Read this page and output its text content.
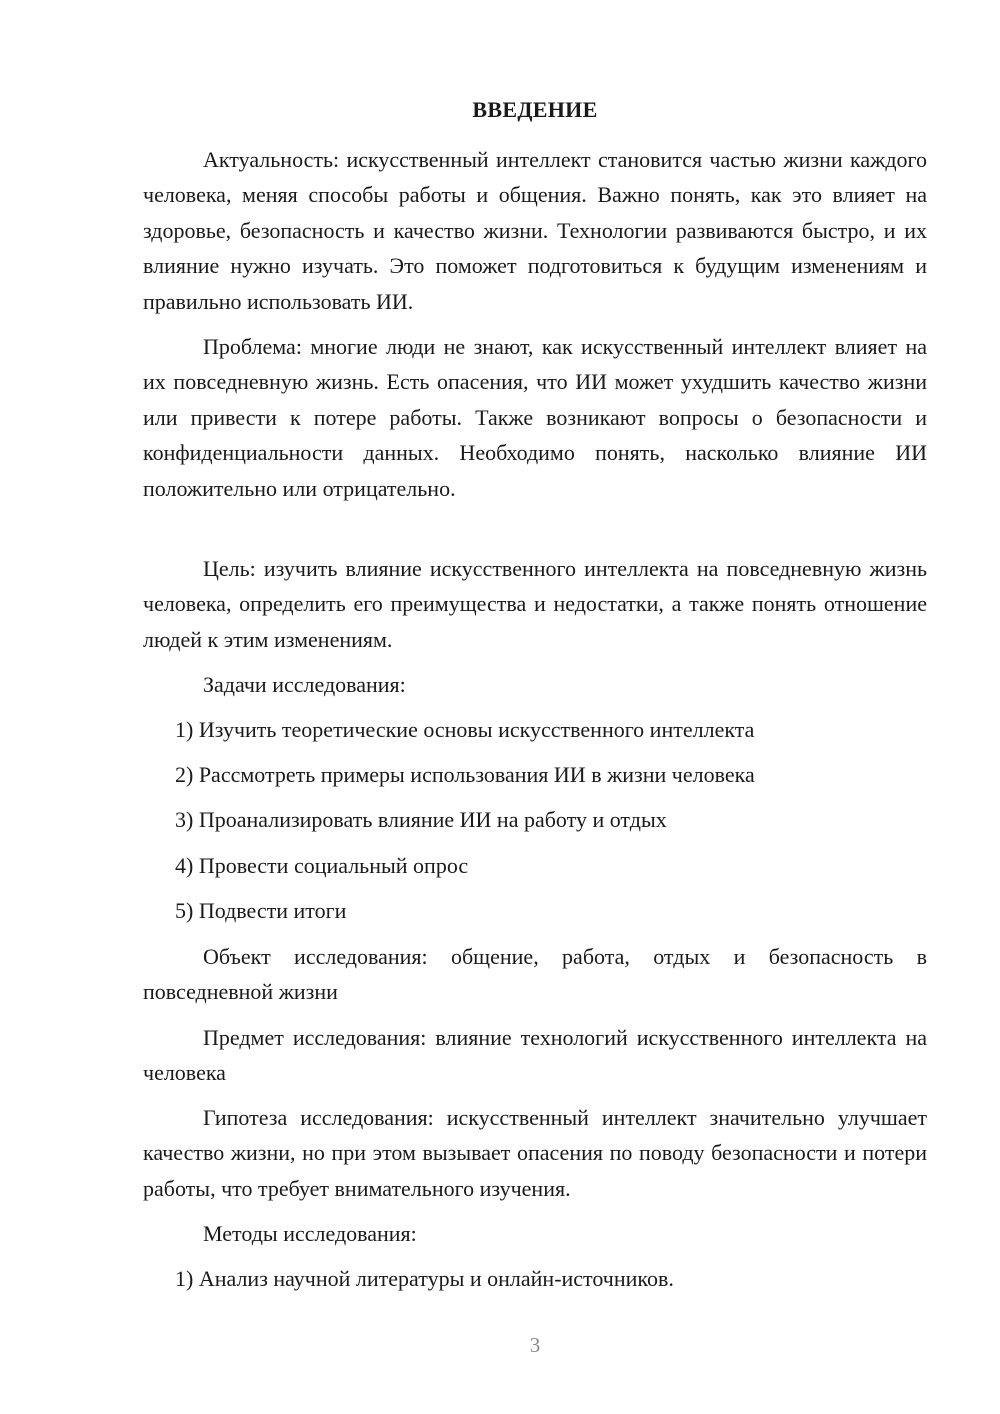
ВВЕДЕНИЕ

Актуальность: искусственный интеллект становится частью жизни каждого человека, меняя способы работы и общения. Важно понять, как это влияет на здоровье, безопасность и качество жизни. Технологии развиваются быстро, и их влияние нужно изучать. Это поможет подготовиться к будущим изменениям и правильно использовать ИИ.

Проблема: многие люди не знают, как искусственный интеллект влияет на их повседневную жизнь. Есть опасения, что ИИ может ухудшить качество жизни или привести к потере работы. Также возникают вопросы о безопасности и конфиденциальности данных. Необходимо понять, насколько влияние ИИ положительно или отрицательно.

Цель: изучить влияние искусственного интеллекта на повседневную жизнь человека, определить его преимущества и недостатки, а также понять отношение людей к этим изменениям.

Задачи исследования:

1) Изучить теоретические основы искусственного интеллекта

2) Рассмотреть примеры использования ИИ в жизни человека

3) Проанализировать влияние ИИ на работу и отдых

4) Провести социальный опрос

5) Подвести итоги

Объект исследования: общение, работа, отдых и безопасность в повседневной жизни

Предмет исследования: влияние технологий искусственного интеллекта на человека

Гипотеза исследования: искусственный интеллект значительно улучшает качество жизни, но при этом вызывает опасения по поводу безопасности и потери работы, что требует внимательного изучения.

Методы исследования:

1) Анализ научной литературы и онлайн-источников.

3
